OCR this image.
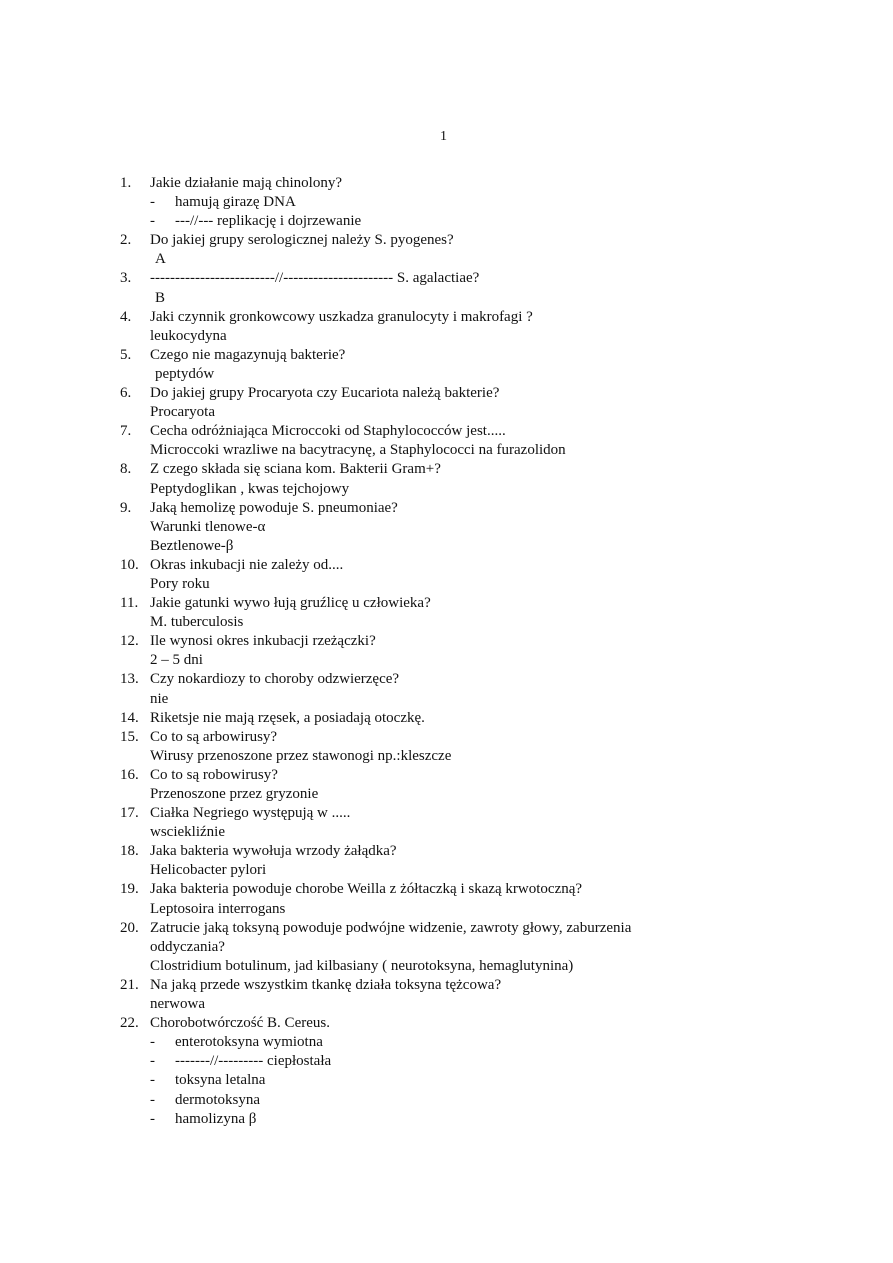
1
1.	Jakie działanie mają chinolony?
- hamują girazę DNA
- ---//--- replikację i dojrzewanie
2.	Do jakiej grupy serologicznej należy S. pyogenes?
A
3.	-------------------------//---------------------- S. agalactiae?
B
4.	Jaki czynnik gronkowcowy uszkadza granulocyty i makrofagi ?
leukocydyna
5.	Czego nie magazynują bakterie?
peptydów
6.	Do jakiej grupy Procaryota czy Eucariota należą bakterie?
Procaryota
7.	Cecha odróżniająca Microccoki od Staphylococców jest.....
Microccoki wrazliwe na bacytracynę, a Staphylococci na furazolidon
8.	Z czego składa się sciana kom. Bakterii Gram+?
Peptydoglikan , kwas tejchojowy
9.	Jaką hemolizę powoduje S. pneumoniae?
Warunki tlenowe-α
Beztlenowe-β
10. Okras inkubacji nie zależy od....
Pory roku
11. Jakie gatunki wywo łują gruźlicę u człowieka?
M. tuberculosis
12. Ile wynosi okres inkubacji rzeżączki?
2 – 5 dni
13. Czy nokardiozy to choroby odzwierzęce?
nie
14. Riketsje nie mają rzęsek, a posiadają otoczkę.
15. Co to są arbowirusy?
Wirusy przenoszone przez stawonogi np.:kleszcze
16. Co to są robowirusy?
Przenoszone przez gryzonie
17. Ciałka Negriego występują w .....
wsciekliźnie
18. Jaka bakteria wywołuja wrzody żałądka?
Helicobacter pylori
19. Jaka bakteria powoduje chorobe Weilla z żółtaczką i skazą krwotoczną?
Leptosoira interrogans
20. Zatrucie jaką toksyną powoduje podwójne widzenie, zawroty głowy, zaburzenia
oddyczania?
Clostridium botulinum, jad kilbasiany ( neurotoksyna, hemaglutynina)
21. Na jaką przede wszystkim tkankę działa toksyna tężcowa?
nerwowa
22. Chorobotwórczość B. Cereus.
- enterotoksyna wymiotna
- -------//--------- ciepłostała
- toksyna letalna
- dermotoksyna
- hamolizyna β
